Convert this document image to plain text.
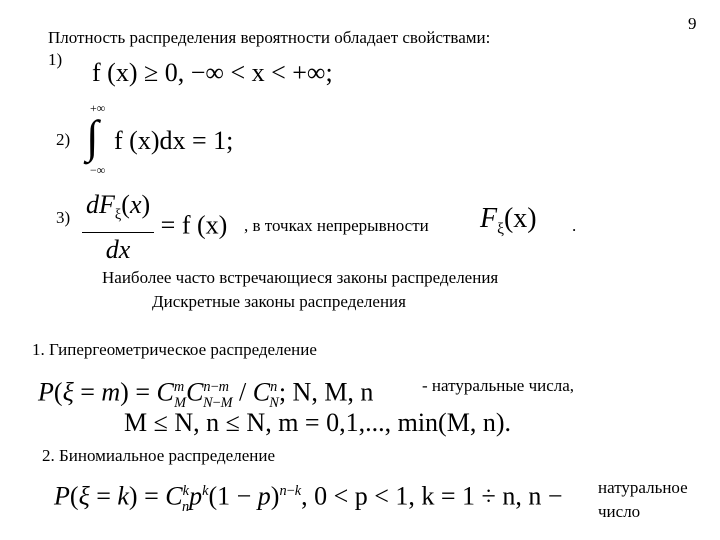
9
Плотность распределения вероятности обладает свойствами:
1) f (x) ≥ 0, −∞ < x < +∞;
2)
+∞
∫
−∞
f (x)dx = 1;
$3) \frac{dF_\xi(x)}{dx} = f$ (x) , в точках непрерывности $F_\xi(x)$ .
Наиболее часто встречающиеся законы распределения
Дискретные законы распределения
1. Гипергеометрическое распределение
$P(\xi = m) = C^m_MC^{n-m}_{N-M} / C^n_N$; N, M, n	- натуральные числа,
M ≤ N, n ≤ N, m = 0,1,..., min(M, n).
2. Биномиальное распределение
$P(\xi = k) = C^k_np^k(1 - p)^{n-k}$, 0 < p < 1, k = 1 ÷ n, n − натуральное
число
